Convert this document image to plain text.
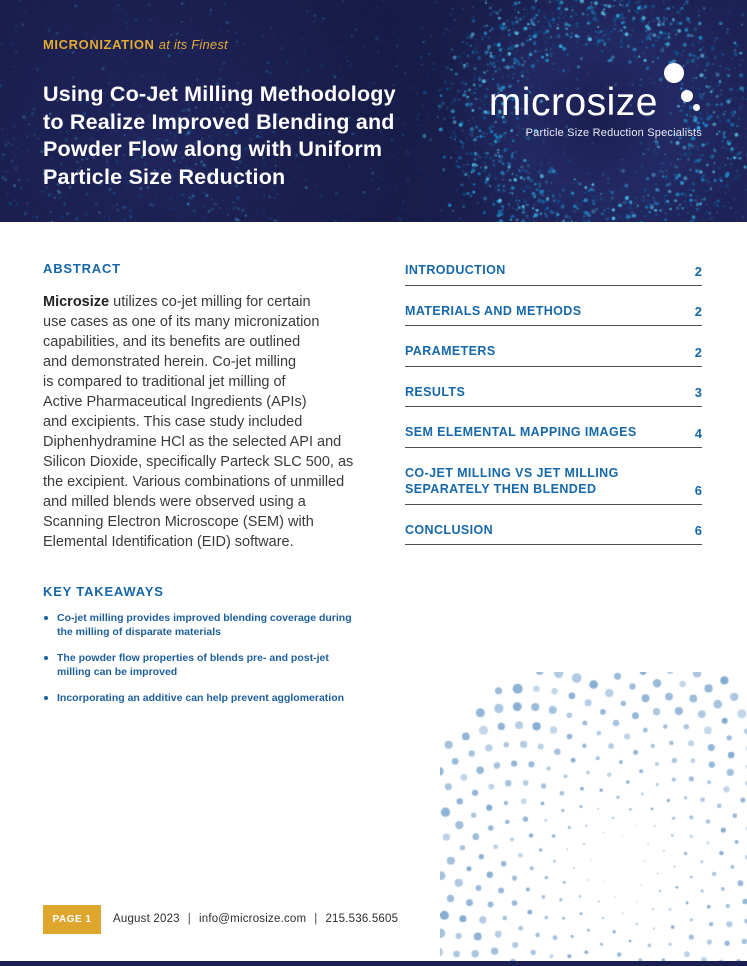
MICRONIZATION at its Finest
Using Co-Jet Milling Methodology
to Realize Improved Blending and
Powder Flow along with Uniform
Particle Size Reduction
microsize
Particle Size Reduction Specialists
ABSTRACT
Microsize utilizes co-jet milling for certain
use cases as one of its many micronization
capabilities, and its benefits are outlined
and demonstrated herein. Co-jet milling
is compared to traditional jet milling of
Active Pharmaceutical Ingredients (APIs)
and excipients. This case study included
Diphenhydramine HCl as the selected API and
Silicon Dioxide, specifically Parteck SLC 500, as
the excipient. Various combinations of unmilled
and milled blends were observed using a
Scanning Electron Microscope (SEM) with
Elemental Identification (EID) software.
KEY TAKEAWAYS
Co-jet milling provides improved blending coverage during
the milling of disparate materials
The powder flow properties of blends pre- and post-jet
milling can be improved
Incorporating an additive can help prevent agglomeration
INTRODUCTION	2
MATERIALS AND METHODS	2
PARAMETERS	2
RESULTS	3
SEM ELEMENTAL MAPPING IMAGES	4
CO-JET MILLING VS JET MILLING
SEPARATELY THEN BLENDED	6
CONCLUSION	6
PAGE 1	August 2023 | info@microsize.com | 215.536.5605
